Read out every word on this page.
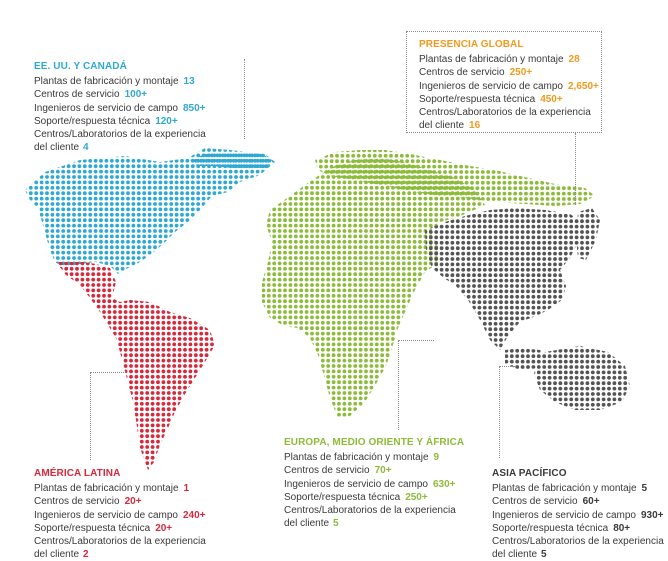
PRESENCIA GLOBAL
Plantas de fabricación y montaje 28
Centros de servicio 250+
Ingenieros de servicio de campo 2,650+
Soporte/respuesta técnica 450+
Centros/Laboratorios de la experiencia
del cliente 16
EE. UU. Y CANADÁ
Plantas de fabricación y montaje 13
Centros de servicio 100+
Ingenieros de servicio de campo 850+
Soporte/respuesta técnica 120+
Centros/Laboratorios de la experiencia
del cliente 4
AMÉRICA LATINA
Plantas de fabricación y montaje 1
Centros de servicio 20+
Ingenieros de servicio de campo 240+
Soporte/respuesta técnica 20+
Centros/Laboratorios de la experiencia
del cliente 2
EUROPA, MEDIO ORIENTE Y ÁFRICA
Plantas de fabricación y montaje 9
Centros de servicio 70+
Ingenieros de servicio de campo 630+
Soporte/respuesta técnica 250+
Centros/Laboratorios de la experiencia
del cliente 5
ASIA PACÍFICO
Plantas de fabricación y montaje 5
Centros de servicio 60+
Ingenieros de servicio de campo 930+
Soporte/respuesta técnica 80+
Centros/Laboratorios de la experiencia
del cliente 5
